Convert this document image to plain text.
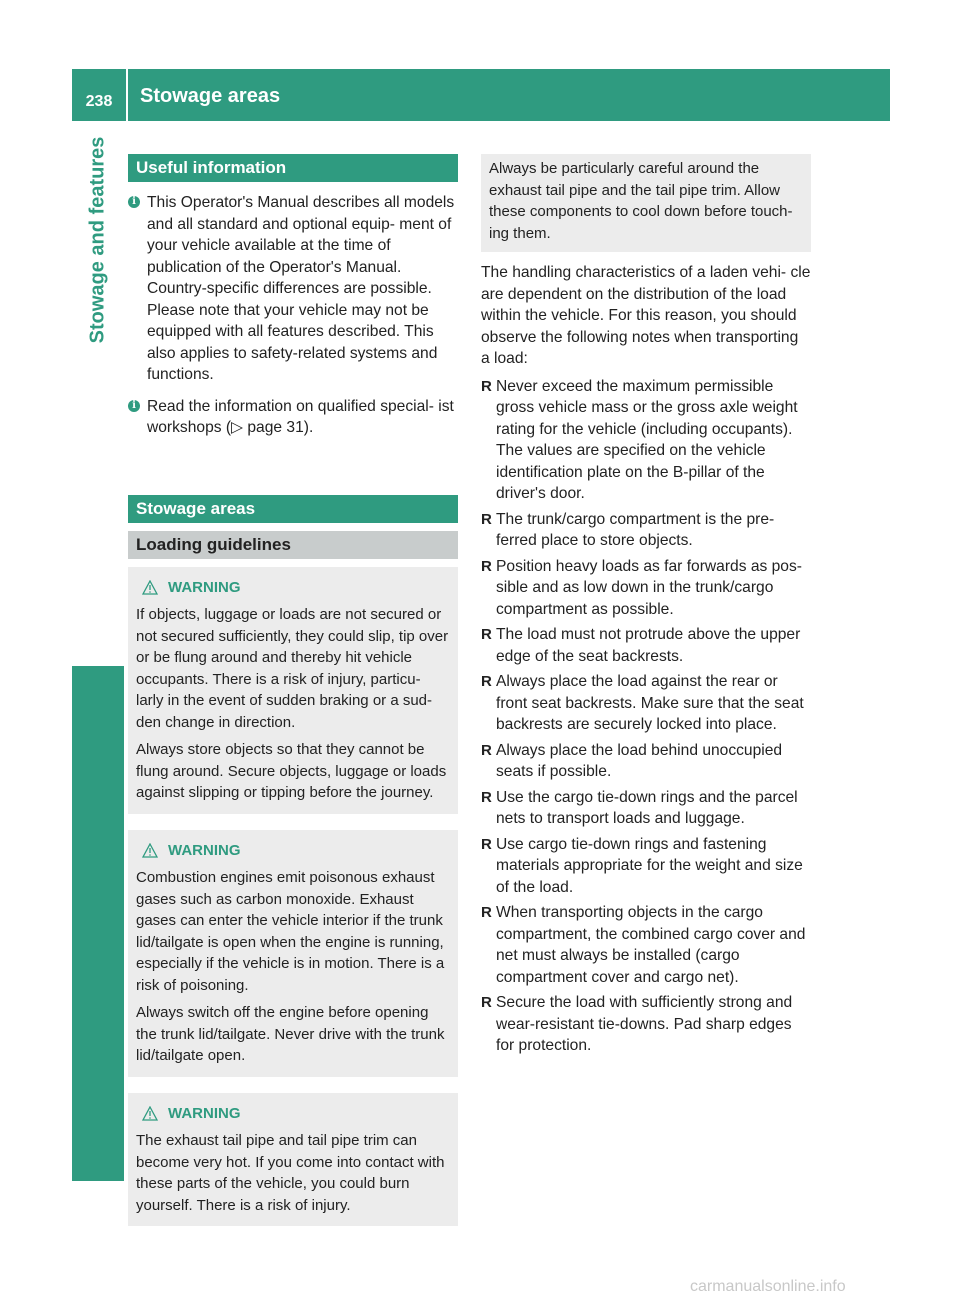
238	Stowage areas
Stowage and features	Useful information
i This Operator's Manual describes all models and all standard and optional equip- ment of your vehicle available at the time of publication of the Operator's Manual. Country-specific differences are possible. Please note that your vehicle may not be equipped with all features described. This also applies to safety-related systems and functions.
i Read the information on qualified special- ist workshops (▷ page 31).
Stowage areas
Loading guidelines
WARNING

If objects, luggage or loads are not secured or not secured sufficiently, they could slip, tip over or be flung around and thereby hit vehicle occupants. There is a risk of injury, particu- larly in the event of sudden braking or a sud- den change in direction.

Always store objects so that they cannot be flung around. Secure objects, luggage or loads against slipping or tipping before the journey.

WARNING

Combustion engines emit poisonous exhaust gases such as carbon monoxide. Exhaust gases can enter the vehicle interior if the trunk lid/tailgate is open when the engine is running, especially if the vehicle is in motion. There is a risk of poisoning.

Always switch off the engine before opening the trunk lid/tailgate. Never drive with the trunk lid/tailgate open.

WARNING

The exhaust tail pipe and tail pipe trim can become very hot. If you come into contact with these parts of the vehicle, you could burn yourself. There is a risk of injury.

Always be particularly careful around the exhaust tail pipe and the tail pipe trim. Allow these components to cool down before touch- ing them.
The handling characteristics of a laden vehi- cle are dependent on the distribution of the load within the vehicle. For this reason, you should observe the following notes when transporting a load:
R Never exceed the maximum permissible gross vehicle mass or the gross axle weight rating for the vehicle (including occupants). The values are specified on the vehicle identification plate on the B-pillar of the driver's door.
R The trunk/cargo compartment is the pre- ferred place to store objects.
R Position heavy loads as far forwards as pos- sible and as low down in the trunk/cargo compartment as possible.
R The load must not protrude above the upper edge of the seat backrests.
R Always place the load against the rear or front seat backrests. Make sure that the seat backrests are securely locked into place.
R Always place the load behind unoccupied seats if possible.
R Use the cargo tie-down rings and the parcel nets to transport loads and luggage.
R Use cargo tie-down rings and fastening materials appropriate for the weight and size of the load.
R When transporting objects in the cargo compartment, the combined cargo cover and net must always be installed (cargo compartment cover and cargo net).
R Secure the load with sufficiently strong and wear-resistant tie-downs. Pad sharp edges for protection.
carmanualsonline.info
